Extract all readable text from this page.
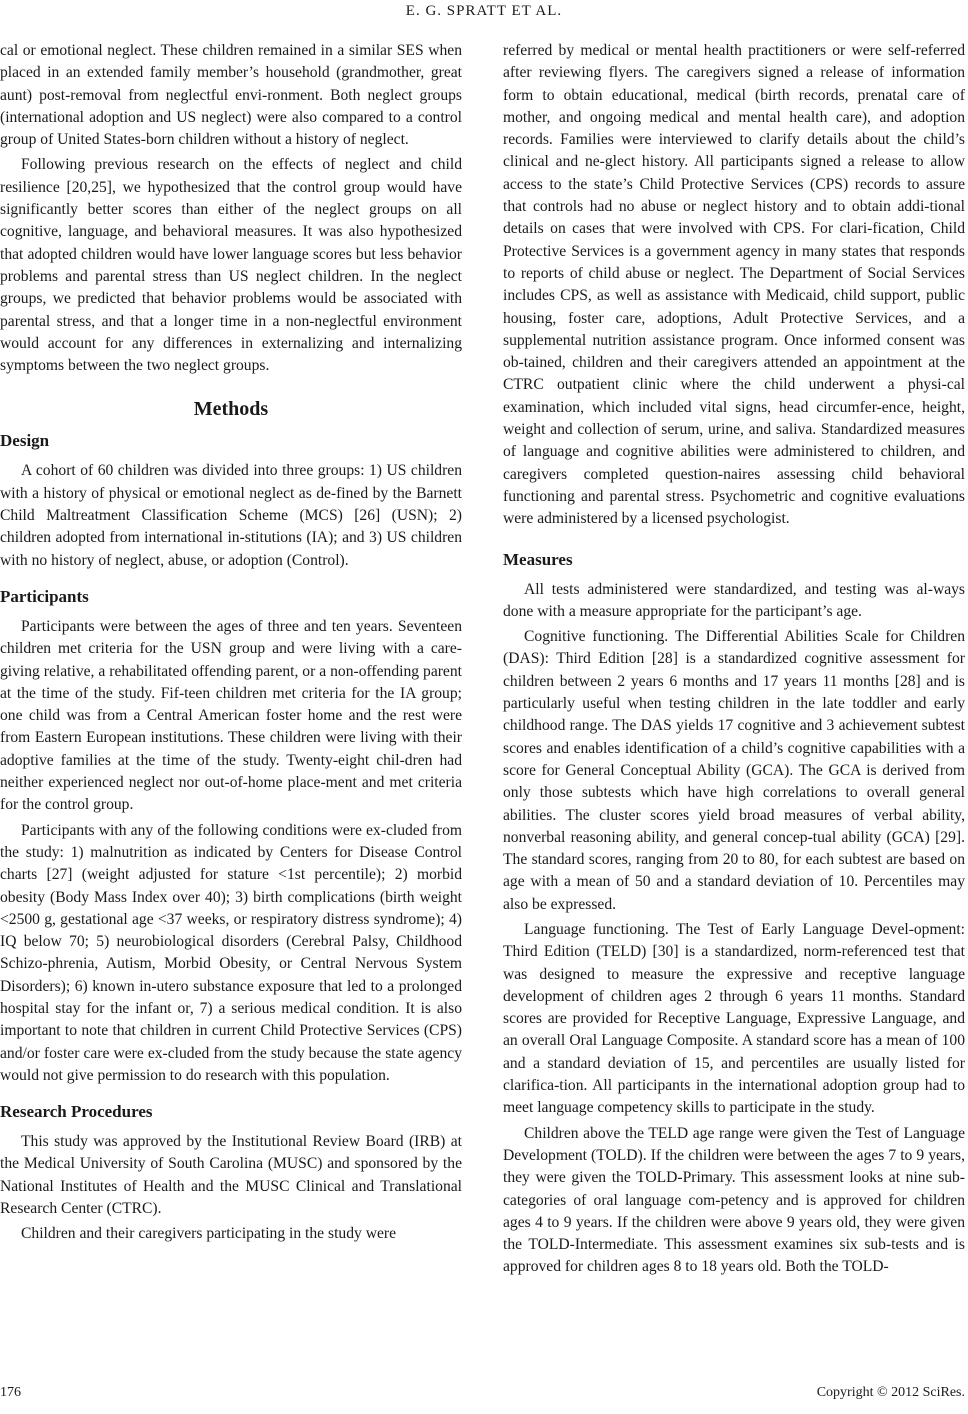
E. G. SPRATT ET AL.

cal or emotional neglect. These children remained in a similar SES when placed in an extended family member’s household (grandmother, great aunt) post-removal from neglectful envi-ronment. Both neglect groups (international adoption and US neglect) were also compared to a control group of United States-born children without a history of neglect.

Following previous research on the effects of neglect and child resilience [20,25], we hypothesized that the control group would have significantly better scores than either of the neglect groups on all cognitive, language, and behavioral measures. It was also hypothesized that adopted children would have lower language scores but less behavior problems and parental stress than US neglect children. In the neglect groups, we predicted that behavior problems would be associated with parental stress, and that a longer time in a non-neglectful environment would account for any differences in externalizing and internalizing symptoms between the two neglect groups.

Methods
Design

A cohort of 60 children was divided into three groups: 1) US children with a history of physical or emotional neglect as de-fined by the Barnett Child Maltreatment Classification Scheme (MCS) [26] (USN); 2) children adopted from international in-stitutions (IA); and 3) US children with no history of neglect, abuse, or adoption (Control).

Participants

Participants were between the ages of three and ten years. Seventeen children met criteria for the USN group and were living with a care-giving relative, a rehabilitated offending parent, or a non-offending parent at the time of the study. Fif-teen children met criteria for the IA group; one child was from a Central American foster home and the rest were from Eastern European institutions. These children were living with their adoptive families at the time of the study. Twenty-eight chil-dren had neither experienced neglect nor out-of-home place-ment and met criteria for the control group.

Participants with any of the following conditions were ex-cluded from the study: 1) malnutrition as indicated by Centers for Disease Control charts [27] (weight adjusted for stature <1st percentile); 2) morbid obesity (Body Mass Index over 40); 3) birth complications (birth weight <2500 g, gestational age <37 weeks, or respiratory distress syndrome); 4) IQ below 70; 5) neurobiological disorders (Cerebral Palsy, Childhood Schizo-phrenia, Autism, Morbid Obesity, or Central Nervous System Disorders); 6) known in-utero substance exposure that led to a prolonged hospital stay for the infant or, 7) a serious medical condition. It is also important to note that children in current Child Protective Services (CPS) and/or foster care were ex-cluded from the study because the state agency would not give permission to do research with this population.

Research Procedures

This study was approved by the Institutional Review Board (IRB) at the Medical University of South Carolina (MUSC) and sponsored by the National Institutes of Health and the MUSC Clinical and Translational Research Center (CTRC).

Children and their caregivers participating in the study were

referred by medical or mental health practitioners or were self-referred after reviewing flyers. The caregivers signed a release of information form to obtain educational, medical (birth records, prenatal care of mother, and ongoing medical and mental health care), and adoption records. Families were interviewed to clarify details about the child’s clinical and ne-glect history. All participants signed a release to allow access to the state’s Child Protective Services (CPS) records to assure that controls had no abuse or neglect history and to obtain addi-tional details on cases that were involved with CPS. For clari-fication, Child Protective Services is a government agency in many states that responds to reports of child abuse or neglect. The Department of Social Services includes CPS, as well as assistance with Medicaid, child support, public housing, foster care, adoptions, Adult Protective Services, and a supplemental nutrition assistance program. Once informed consent was ob-tained, children and their caregivers attended an appointment at the CTRC outpatient clinic where the child underwent a physi-cal examination, which included vital signs, head circumfer-ence, height, weight and collection of serum, urine, and saliva. Standardized measures of language and cognitive abilities were administered to children, and caregivers completed question-naires assessing child behavioral functioning and parental stress. Psychometric and cognitive evaluations were administered by a licensed psychologist.

Measures

All tests administered were standardized, and testing was al-ways done with a measure appropriate for the participant’s age.

Cognitive functioning. The Differential Abilities Scale for Children (DAS): Third Edition [28] is a standardized cognitive assessment for children between 2 years 6 months and 17 years 11 months [28] and is particularly useful when testing children in the late toddler and early childhood range. The DAS yields 17 cognitive and 3 achievement subtest scores and enables identification of a child’s cognitive capabilities with a score for General Conceptual Ability (GCA). The GCA is derived from only those subtests which have high correlations to overall general abilities. The cluster scores yield broad measures of verbal ability, nonverbal reasoning ability, and general concep-tual ability (GCA) [29]. The standard scores, ranging from 20 to 80, for each subtest are based on age with a mean of 50 and a standard deviation of 10. Percentiles may also be expressed.

Language functioning. The Test of Early Language Devel-opment: Third Edition (TELD) [30] is a standardized, norm-referenced test that was designed to measure the expressive and receptive language development of children ages 2 through 6 years 11 months. Standard scores are provided for Receptive Language, Expressive Language, and an overall Oral Language Composite. A standard score has a mean of 100 and a standard deviation of 15, and percentiles are usually listed for clarifica-tion. All participants in the international adoption group had to meet language competency skills to participate in the study.

Children above the TELD age range were given the Test of Language Development (TOLD). If the children were between the ages 7 to 9 years, they were given the TOLD-Primary. This assessment looks at nine sub-categories of oral language com-petency and is approved for children ages 4 to 9 years. If the children were above 9 years old, they were given the TOLD-Intermediate. This assessment examines six sub-tests and is approved for children ages 8 to 18 years old. Both the TOLD-

176	Copyright © 2012 SciRes.
